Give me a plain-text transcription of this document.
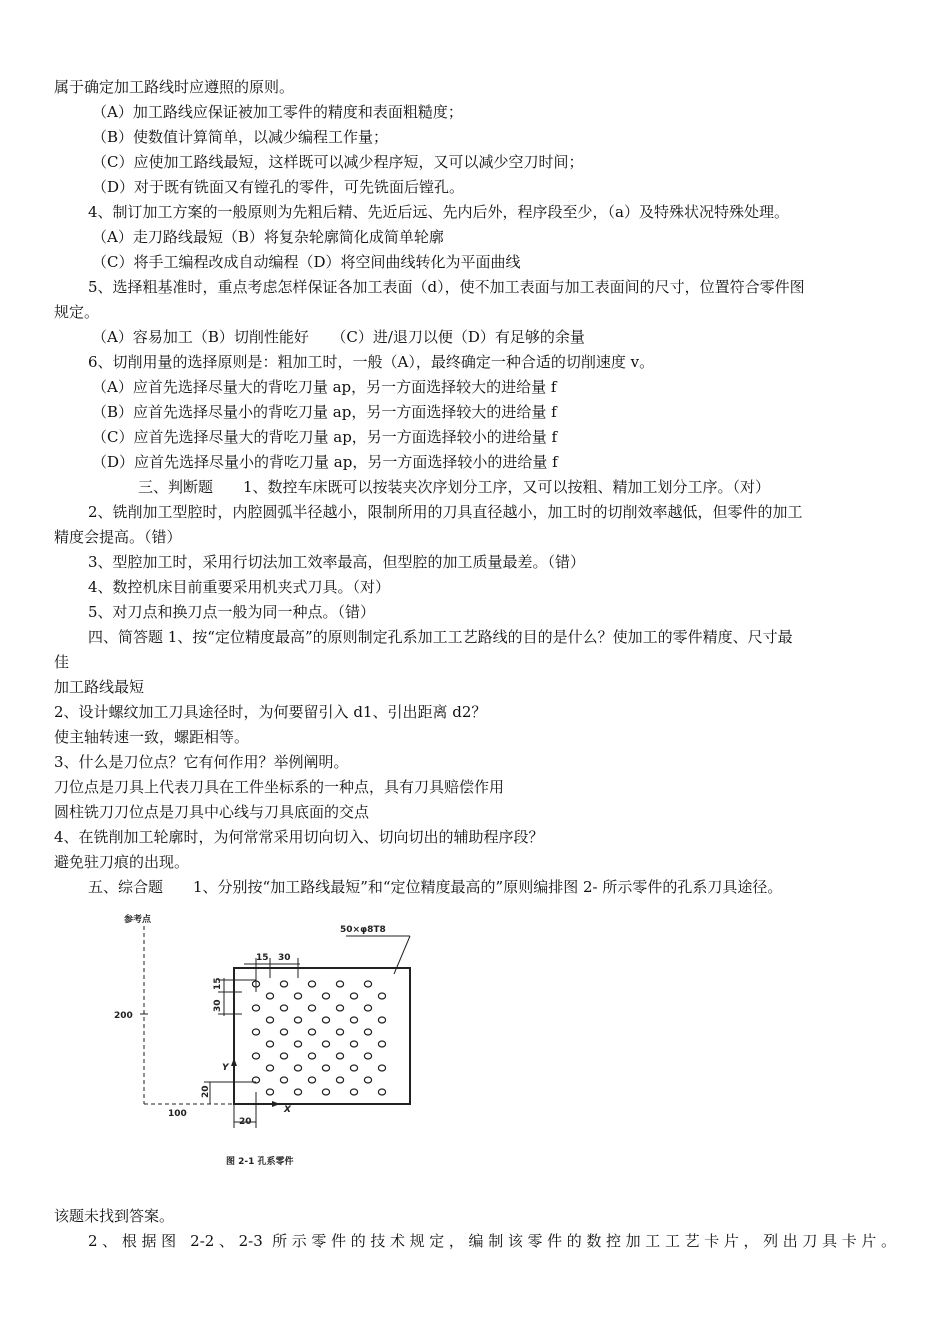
属于确定加工路线时应遵照的原则。
（A）加工路线应保证被加工零件的精度和表面粗糙度；
（B）使数值计算简单，以减少编程工作量；
（C）应使加工路线最短，这样既可以减少程序短，又可以减少空刀时间；
（D）对于既有铣面又有镗孔的零件，可先铣面后镗孔。
4、制订加工方案的一般原则为先粗后精、先近后远、先内后外，程序段至少，（a）及特殊状况特殊处理。
（A）走刀路线最短（B）将复杂轮廓简化成简单轮廓
（C）将手工编程改成自动编程（D）将空间曲线转化为平面曲线
5、选择粗基准时，重点考虑怎样保证各加工表面（d），使不加工表面与加工表面间的尺寸，位置符合零件图
规定。
（A）容易加工（B）切削性能好　　（C）进/退刀以便（D）有足够的余量
6、切削用量的选择原则是：粗加工时，一般（A），最终确定一种合适的切削速度 v。
（A）应首先选择尽量大的背吃刀量 ap，另一方面选择较大的进给量 f
（B）应首先选择尽量小的背吃刀量 ap，另一方面选择较大的进给量 f
（C）应首先选择尽量大的背吃刀量 ap，另一方面选择较小的进给量 f
（D）应首先选择尽量小的背吃刀量 ap，另一方面选择较小的进给量 f
三、判断题　　1、数控车床既可以按装夹次序划分工序，又可以按粗、精加工划分工序。（对）
2、铣削加工型腔时，内腔圆弧半径越小，限制所用的刀具直径越小，加工时的切削效率越低，但零件的加工
精度会提高。（错）
3、型腔加工时，采用行切法加工效率最高，但型腔的加工质量最差。（错）
4、数控机床目前重要采用机夹式刀具。（对）
5、对刀点和换刀点一般为同一种点。（错）
四、简答题 1、按“定位精度最高”的原则制定孔系加工工艺路线的目的是什么？使加工的零件精度、尺寸最
佳
加工路线最短
2、设计螺纹加工刀具途径时，为何要留引入 d1、引出距离 d2？
使主轴转速一致，螺距相等。
3、什么是刀位点？它有何作用？举例阐明。
刀位点是刀具上代表刀具在工件坐标系的一种点，具有刀具赔偿作用
圆柱铣刀刀位点是刀具中心线与刀具底面的交点
4、在铣削加工轮廓时，为何常常采用切向切入、切向切出的辅助程序段？
避免驻刀痕的出现。
五、综合题　　1、分别按“加工路线最短”和“定位精度最高的”原则编排图 2- 所示零件的孔系刀具途径。
参考点
200
100
50×φ8T8
15 30
30
15
Y
20
X
20
图 2-1 孔系零件
该题未找到答案。
2、根据图 2-2、2-3 所示零件的技术规定，编制该零件的数控加工工艺卡片，列出刀具卡片。
